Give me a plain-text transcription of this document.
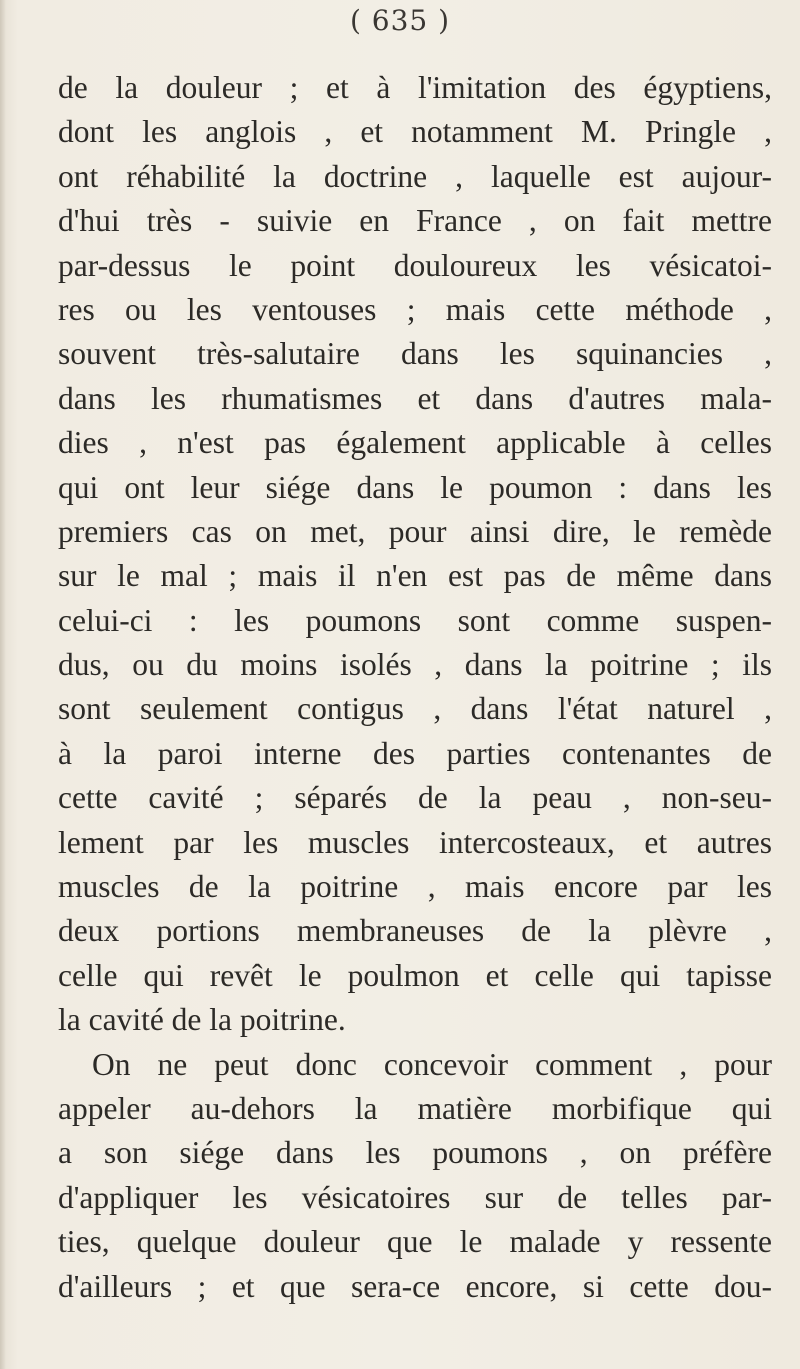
( 635 )
de la douleur ; et à l'imitation des égyptiens,
dont les anglois , et notamment M. Pringle ,
ont réhabilité la doctrine , laquelle est aujour-
d'hui très - suivie en France , on fait mettre
par-dessus le point douloureux les vésicatoi-
res ou les ventouses ; mais cette méthode ,
souvent très-salutaire dans les squinancies ,
dans les rhumatismes et dans d'autres mala-
dies , n'est pas également applicable à celles
qui ont leur siége dans le poumon : dans les
premiers cas on met, pour ainsi dire, le remède
sur le mal ; mais il n'en est pas de même dans
celui-ci : les poumons sont comme suspen-
dus, ou du moins isolés , dans la poitrine ; ils
sont seulement contigus , dans l'état naturel ,
à la paroi interne des parties contenantes de
cette cavité ; séparés de la peau , non-seu-
lement par les muscles intercosteaux, et autres
muscles de la poitrine , mais encore par les
deux portions membraneuses de la plèvre ,
celle qui revêt le poulmon et celle qui tapisse
la cavité de la poitrine.
On ne peut donc concevoir comment , pour
appeler au-dehors la matière morbifique qui
a son siége dans les poumons , on préfère
d'appliquer les vésicatoires sur de telles par-
ties, quelque douleur que le malade y ressente
d'ailleurs ; et que sera-ce encore, si cette dou-
